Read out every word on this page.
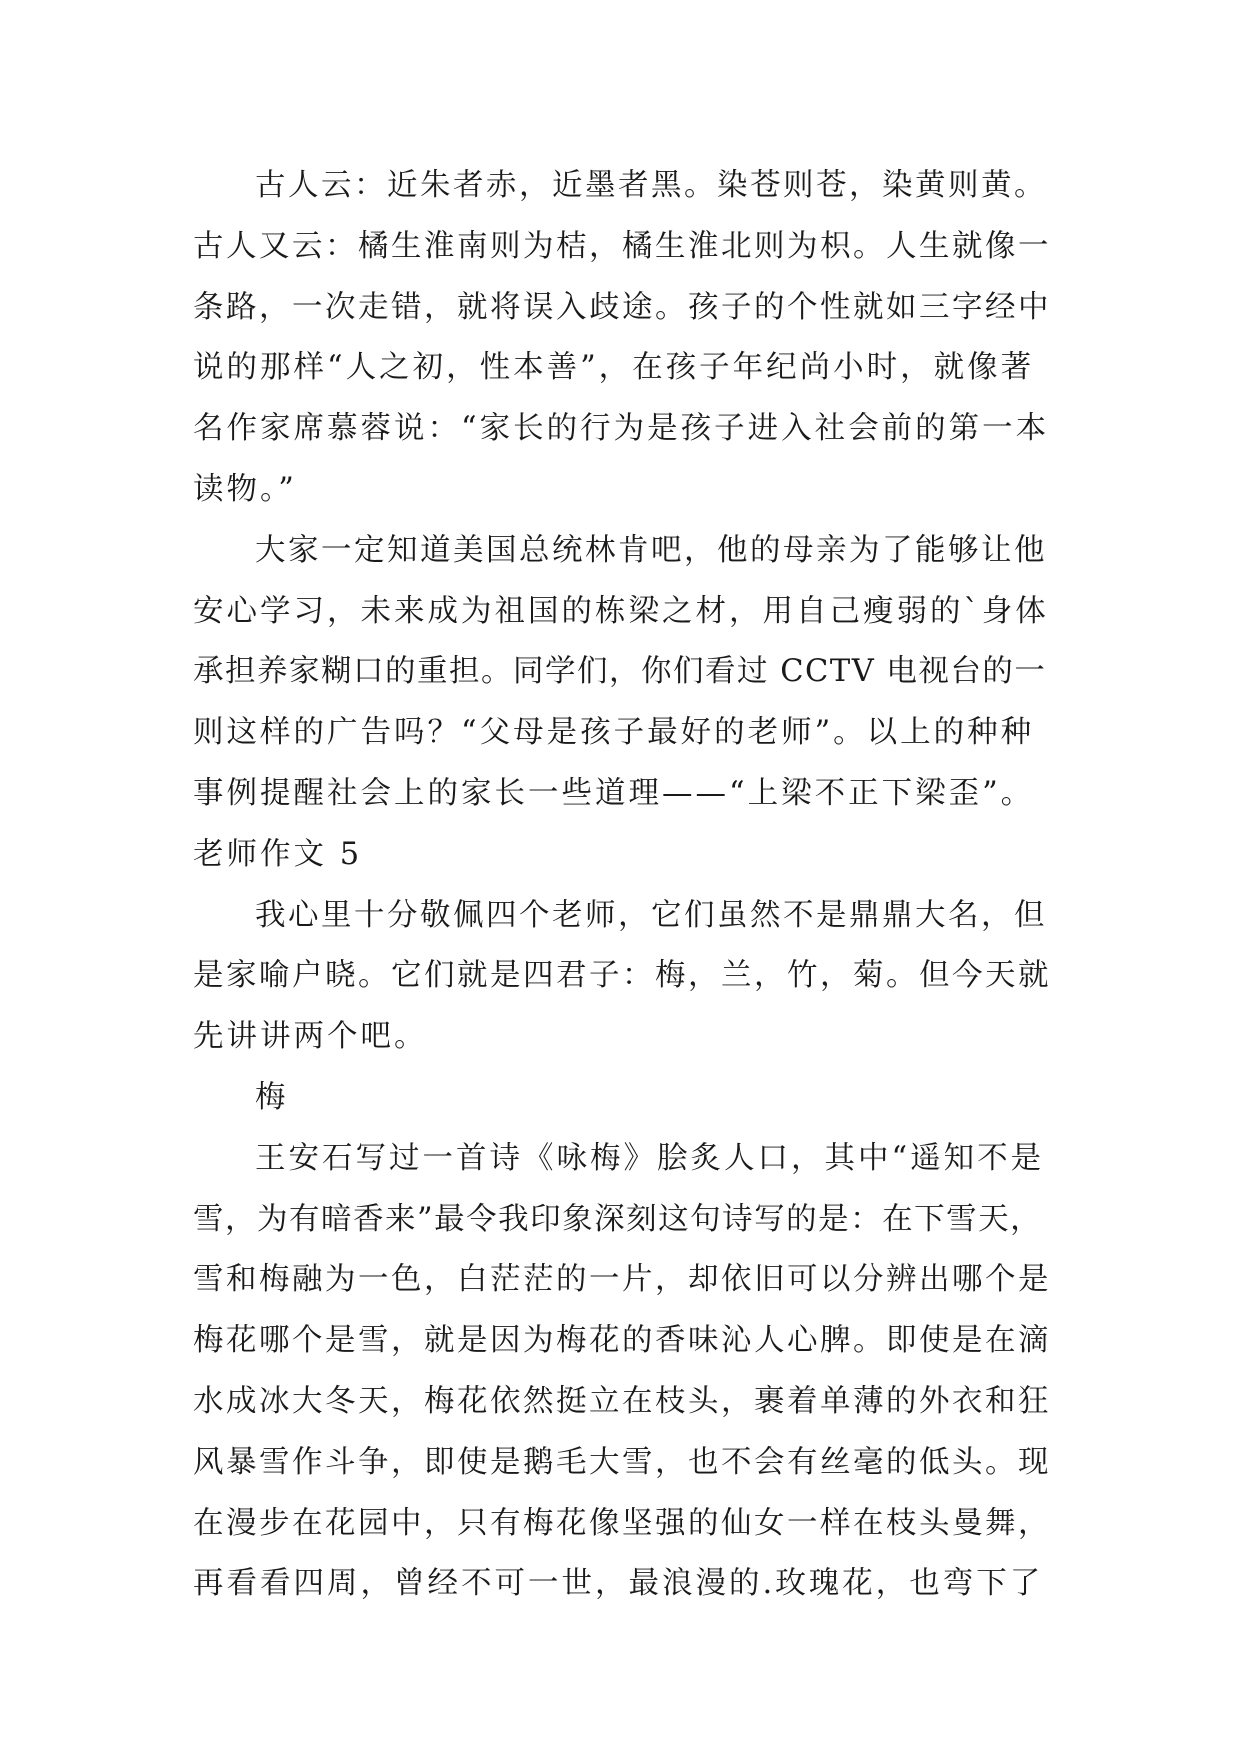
古人云：近朱者赤，近墨者黑。染苍则苍，染黄则黄。
古人又云：橘生淮南则为桔，橘生淮北则为枳。人生就像一
条路，一次走错，就将误入歧途。孩子的个性就如三字经中
说的那样“人之初，性本善”，在孩子年纪尚小时，就像著
名作家席慕蓉说：“家长的行为是孩子进入社会前的第一本
读物。”
大家一定知道美国总统林肯吧，他的母亲为了能够让他
安心学习，未来成为祖国的栋梁之材，用自己瘦弱的`身体
承担养家糊口的重担。同学们，你们看过 CCTV 电视台的一
则这样的广告吗？“父母是孩子最好的老师”。以上的种种
事例提醒社会上的家长一些道理——“上梁不正下梁歪”。
老师作文 5
我心里十分敬佩四个老师，它们虽然不是鼎鼎大名，但
是家喻户晓。它们就是四君子：梅，兰，竹，菊。但今天就
先讲讲两个吧。
梅
王安石写过一首诗《咏梅》脍炙人口，其中“遥知不是
雪，为有暗香来”最令我印象深刻这句诗写的是：在下雪天，
雪和梅融为一色，白茫茫的一片，却依旧可以分辨出哪个是
梅花哪个是雪，就是因为梅花的香味沁人心脾。即使是在滴
水成冰大冬天，梅花依然挺立在枝头，裹着单薄的外衣和狂
风暴雪作斗争，即使是鹅毛大雪，也不会有丝毫的低头。现
在漫步在花园中，只有梅花像坚强的仙女一样在枝头曼舞，
再看看四周，曾经不可一世，最浪漫的.玫瑰花，也弯下了
